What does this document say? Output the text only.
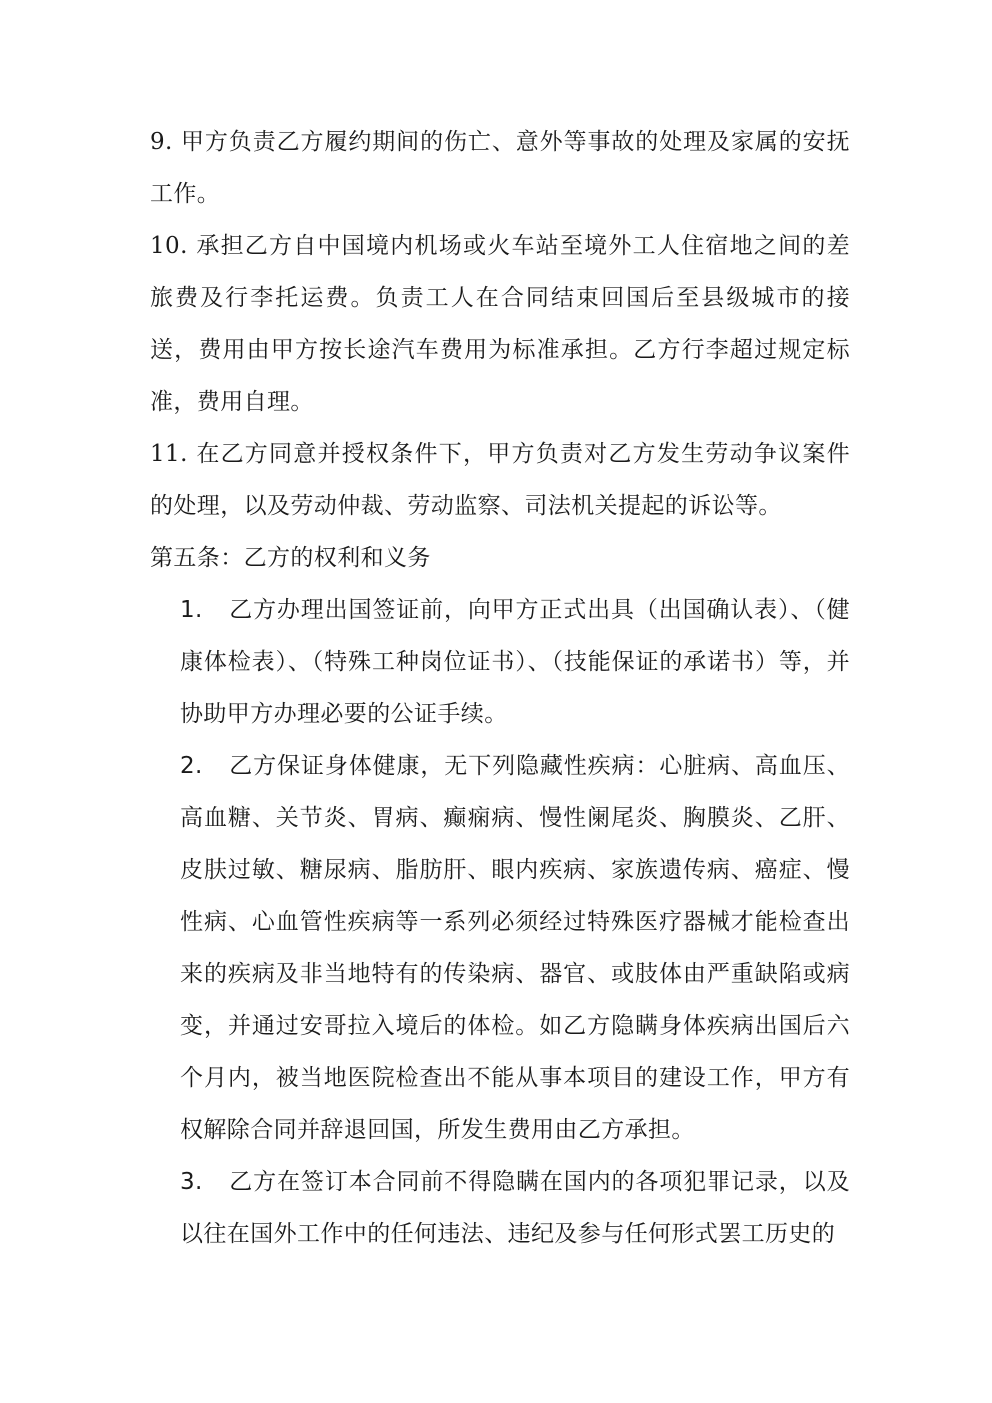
9. 甲方负责乙方履约期间的伤亡、意外等事故的处理及家属的安抚工作。

10. 承担乙方自中国境内机场或火车站至境外工人住宿地之间的差旅费及行李托运费。负责工人在合同结束回国后至县级城市的接送，费用由甲方按长途汽车费用为标准承担。乙方行李超过规定标准，费用自理。

11. 在乙方同意并授权条件下，甲方负责对乙方发生劳动争议案件的处理，以及劳动仲裁、劳动监察、司法机关提起的诉讼等。

第五条：乙方的权利和义务

1. 乙方办理出国签证前，向甲方正式出具（出国确认表）、（健康体检表）、（特殊工种岗位证书）、（技能保证的承诺书）等，并协助甲方办理必要的公证手续。
2. 乙方保证身体健康，无下列隐藏性疾病：心脏病、高血压、高血糖、关节炎、胃病、癫痫病、慢性阑尾炎、胸膜炎、乙肝、皮肤过敏、糖尿病、脂肪肝、眼内疾病、家族遗传病、癌症、慢性病、心血管性疾病等一系列必须经过特殊医疗器械才能检查出来的疾病及非当地特有的传染病、器官、或肢体由严重缺陷或病变，并通过安哥拉入境后的体检。如乙方隐瞒身体疾病出国后六个月内，被当地医院检查出不能从事本项目的建设工作，甲方有权解除合同并辞退回国，所发生费用由乙方承担。
3. 乙方在签订本合同前不得隐瞒在国内的各项犯罪记录，以及以往在国外工作中的任何违法、违纪及参与任何形式罢工历史的
